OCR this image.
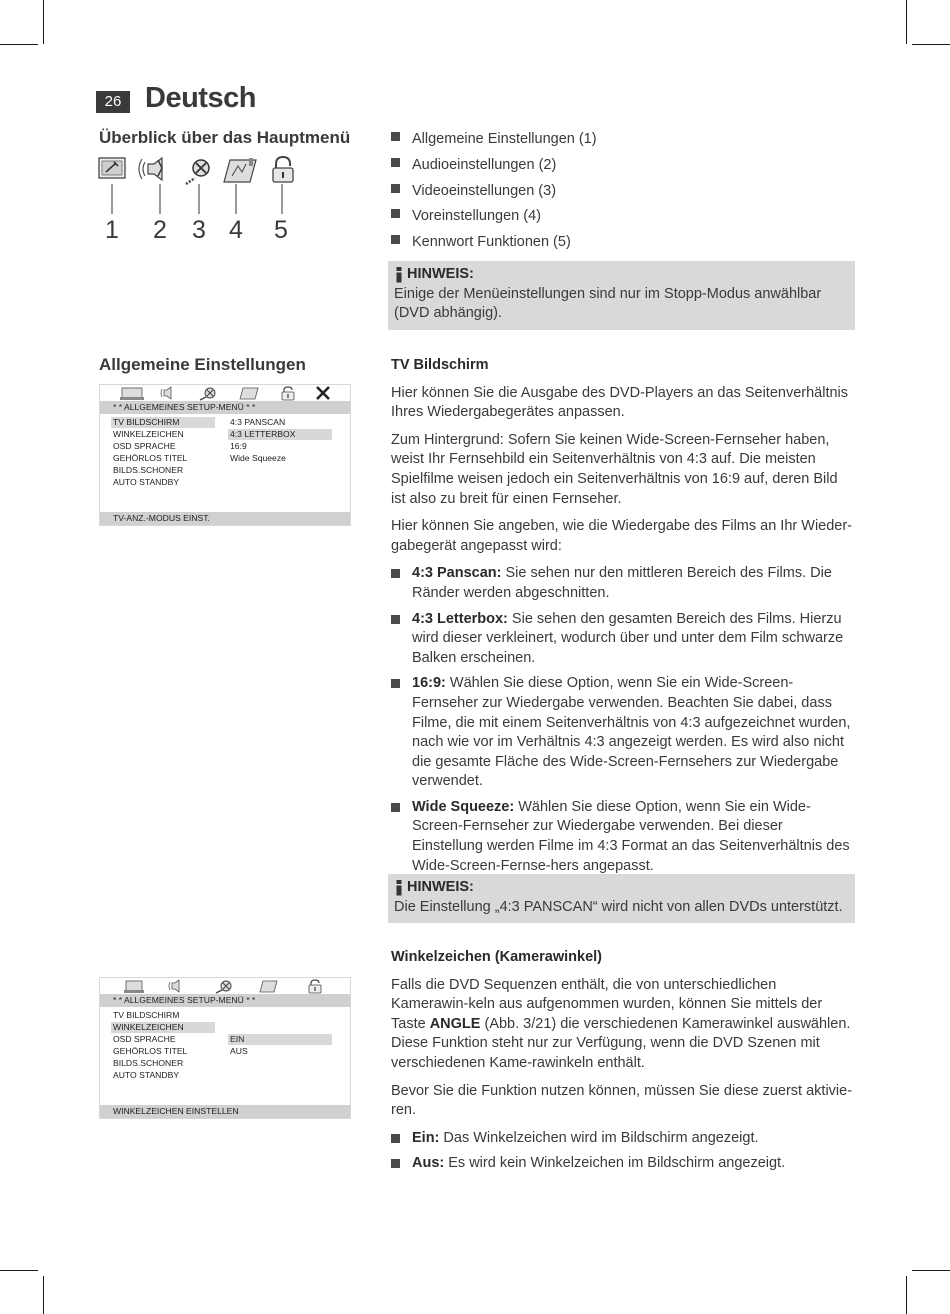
26 Deutsch
Überblick über das Hauptmenü
1 2 3 4 5
Allgemeine Einstellungen (1)
Audioeinstellungen (2)
Videoeinstellungen (3)
Voreinstellungen (4)
Kennwort Funktionen (5)
HINWEIS:
Einige der Menüeinstellungen sind nur im Stopp-Modus anwählbar (DVD abhängig).
Allgemeine Einstellungen
* * ALLGEMEINES SETUP-MENÜ * *
TV BILDSCHIRM
WINKELZEICHEN
OSD SPRACHE
GEHÖRLOS TITEL
BILDS.SCHONER
AUTO STANDBY
4:3 PANSCAN
4:3 LETTERBOX
16:9
Wide Squeeze
TV-ANZ.-MODUS EINST.

TV Bildschirm

Hier können Sie die Ausgabe des DVD-Players an das Seitenverhältnis Ihres Wiedergabegerätes anpassen.

Zum Hintergrund: Sofern Sie keinen Wide-Screen-Fernseher haben, weist Ihr Fernsehbild ein Seitenverhältnis von 4:3 auf. Die meisten Spielfilme weisen jedoch ein Seitenverhältnis von 16:9 auf, deren Bild ist also zu breit für einen Fernseher.

Hier können Sie angeben, wie die Wiedergabe des Films an Ihr Wieder-gabegerät angepasst wird:

4:3 Panscan: Sie sehen nur den mittleren Bereich des Films. Die Ränder werden abgeschnitten.
4:3 Letterbox: Sie sehen den gesamten Bereich des Films. Hierzu wird dieser verkleinert, wodurch über und unter dem Film schwarze Balken erscheinen.
16:9: Wählen Sie diese Option, wenn Sie ein Wide-Screen-Fernseher zur Wiedergabe verwenden. Beachten Sie dabei, dass Filme, die mit einem Seitenverhältnis von 4:3 aufgezeichnet wurden, nach wie vor im Verhältnis 4:3 angezeigt werden. Es wird also nicht die gesamte Fläche des Wide-Screen-Fernsehers zur Wiedergabe verwendet.
Wide Squeeze: Wählen Sie diese Option, wenn Sie ein Wide-Screen-Fernseher zur Wiedergabe verwenden. Bei dieser Einstellung werden Filme im 4:3 Format an das Seitenverhältnis des Wide-Screen-Fernse-hers angepasst.
HINWEIS:
Die Einstellung „4:3 PANSCAN“ wird nicht von allen DVDs unterstützt.
* * ALLGEMEINES SETUP-MENÜ * *
TV BILDSCHIRM
WINKELZEICHEN
OSD SPRACHE
GEHÖRLOS TITEL
BILDS.SCHONER
AUTO STANDBY
EIN
AUS
WINKELZEICHEN EINSTELLEN

Winkelzeichen (Kamerawinkel)

Falls die DVD Sequenzen enthält, die von unterschiedlichen Kamerawin-keln aus aufgenommen wurden, können Sie mittels der Taste ANGLE (Abb. 3/21) die verschiedenen Kamerawinkel auswählen. Diese Funktion steht nur zur Verfügung, wenn die DVD Szenen mit verschiedenen Kame-rawinkeln enthält.

Bevor Sie die Funktion nutzen können, müssen Sie diese zuerst aktivie-ren.

Ein: Das Winkelzeichen wird im Bildschirm angezeigt.
Aus: Es wird kein Winkelzeichen im Bildschirm angezeigt.
